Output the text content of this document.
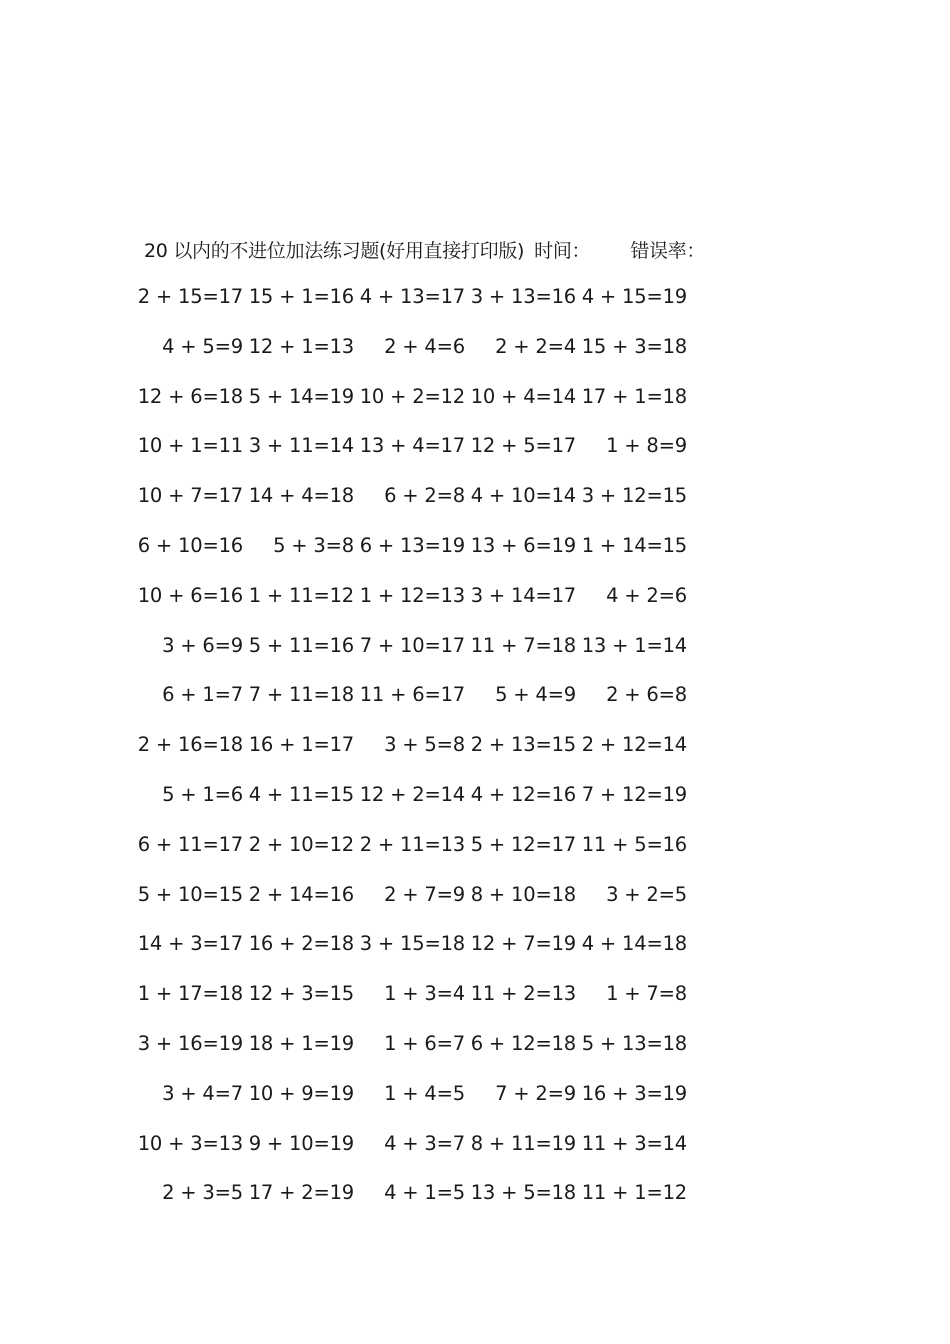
20 以内的不进位加法练习题(好用直接打印版) 时间： 错误率：
2 + 15=17 15 + 1=16 4 + 13=17 3 + 13=16 4 + 15=19
4 + 5=9 12 + 1=13	2 + 4=6	2 + 2=4 15 + 3=18
12 + 6=18 5 + 14=19 10 + 2=12 10 + 4=14 17 + 1=18
10 + 1=11 3 + 11=14 13 + 4=17 12 + 5=17	1 + 8=9
10 + 7=17 14 + 4=18	6 + 2=8 4 + 10=14 3 + 12=15
6 + 10=16	5 + 3=8 6 + 13=19 13 + 6=19 1 + 14=15
10 + 6=16 1 + 11=12 1 + 12=13 3 + 14=17	4 + 2=6
3 + 6=9 5 + 11=16 7 + 10=17 11 + 7=18 13 + 1=14
6 + 1=7 7 + 11=18 11 + 6=17	5 + 4=9	2 + 6=8
2 + 16=18 16 + 1=17	3 + 5=8 2 + 13=15 2 + 12=14
5 + 1=6 4 + 11=15 12 + 2=14 4 + 12=16 7 + 12=19
6 + 11=17 2 + 10=12 2 + 11=13 5 + 12=17 11 + 5=16
5 + 10=15 2 + 14=16	2 + 7=9 8 + 10=18	3 + 2=5
14 + 3=17 16 + 2=18 3 + 15=18 12 + 7=19 4 + 14=18
1 + 17=18 12 + 3=15	1 + 3=4 11 + 2=13	1 + 7=8
3 + 16=19 18 + 1=19	1 + 6=7 6 + 12=18 5 + 13=18
3 + 4=7 10 + 9=19	1 + 4=5	7 + 2=9 16 + 3=19
10 + 3=13 9 + 10=19	4 + 3=7 8 + 11=19 11 + 3=14
2 + 3=5 17 + 2=19	4 + 1=5 13 + 5=18 11 + 1=12
